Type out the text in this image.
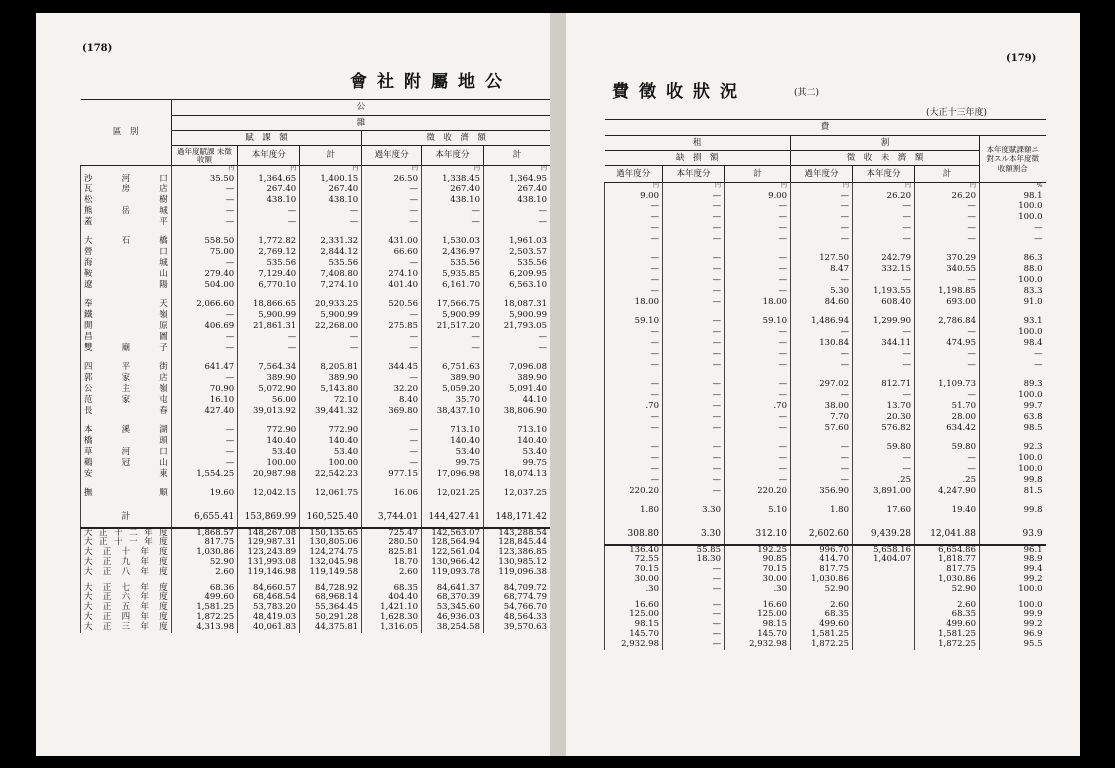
(178)
會社附屬地公
區　別	公					
	雜					
	賦　課　額			徵　收　濟　額		
	過年度賦課 未徵收額	本年度分	計	過年度分	本年度分	計
	円	円	円	円	円	円
沙河口	35.50	1,364.65	1,400.15	26.50	1,338.45	1,364.95
瓦房店	—	267.40	267.40	—	267.40	267.40
松 樹	—	438.10	438.10	—	438.10	438.10
熊岳城	—	—	—	—	—	—
蓋　平	—	—	—	—	—	—

大石橋	558.50	1,772.82	2,331.32	431.00	1,530.03	1,961.03
營　口	75.00	2,769.12	2,844.12	66.60	2,436.97	2,503.57
海　城	—	535.56	535.56	—	535.56	535.56
鞍　山	279.40	7,129.40	7,408.80	274.10	5,935.85	6,209.95
遼　陽	504.00	6,770.10	7,274.10	401.40	6,161.70	6,563.10

奉　天	2,066.60	18,866.65	20,933.25	520.56	17,566.75	18,087.31
鐵　嶺	—	5,900.99	5,900.99	—	5,900.99	5,900.99
開　原	406.69	21,861.31	22,268.00	275.85	21,517.20	21,793.05
昌　圖	—	—	—	—	—	—
雙廟子	—	—	—	—	—	—

四平街	641.47	7,564.34	8,205.81	344.45	6,751.63	7,096.08
郭家店	—	389.90	389.90	—	389.90	389.90
公主嶺	70.90	5,072.90	5,143.80	32.20	5,059.20	5,091.40
范家屯	16.10	56.00	72.10	8.40	35.70	44.10
長　春	427.40	39,013.92	39,441.32	369.80	38,437.10	38,806.90

本溪湖	—	772.90	772.90	—	713.10	713.10
橋　頭	—	140.40	140.40	—	140.40	140.40
草河口	—	53.40	53.40	—	53.40	53.40
鷄冠山	—	100.00	100.00	—	99.75	99.75
安　東	1,554.25	20,987.98	22,542.23	977.15	17,096.98	18,074.13

撫　順	19.60	12,042.15	12,061.75	16.06	12,021.25	12,037.25

計	6,655.41	153,869.99	160,525.40	3,744.01	144,427.41	148,171.42
大正十二年度	1,868.57	148,267.08	150,135.65	725.47	142,563.07	143,288.54
大正十一年度	817.75	129,987.31	130,805.06	280.50	128,564.94	128,845.44
大正十年度	1,030.86	123,243.89	124,274.75	825.81	122,561.04	123,386.85
大正九年度	52.90	131,993.08	132,045.98	18.70	130,966.42	130,985.12
大正八年度	2.60	119,146.98	119,149.58	2.60	119,093.78	119,096.38
大正七年度	68.36	84,660.57	84,728.92	68.35	84,641.37	84,709.72
大正六年度	499.60	68,468.54	68,968.14	404.40	68,370.39	68,774.79
大正五年度	1,581.25	53,783.20	55,364.45	1,421.10	53,345.60	54,766.70
大正四年度	1,872.25	48,419.03	50,291.28	1,628.30	46,936.03	48,564.33
大正三年度	4,313.98	40,061.83	44,375.81	1,316.05	38,254.58	39,570.63
(179)
費徵收狀況	(其二)
(大正十三年度)
費						
租			割			本年度賦課額ニ對スル本年度徵收額割合
缺　損　額			徵　收　未　濟　額			
過年度分	本年度分	計	過年度分	本年度分	計	
円	円	円	円	円	円	%
9.00	—	9.00	—	26.20	26.20	98.1
—	—	—	—	—	—	100.0
—	—	—	—	—	—	100.0
—	—	—	—	—	—	—
—	—	—	—	—	—	—

—	—	—	127.50	242.79	370.29	86.3
—	—	—	8.47	332.15	340.55	88.0
—	—	—	—	—	—	100.0
—	—	—	5.30	1,193.55	1,198.85	83.3
18.00	—	18.00	84.60	608.40	693.00	91.0

59.10	—	59.10	1,486.94	1,299.90	2,786.84	93.1
—	—	—	—	—	—	100.0
—	—	—	130.84	344.11	474.95	98.4
—	—	—	—	—	—	—
—	—	—	—	—	—	—

—	—	—	297.02	812.71	1,109.73	89.3
—	—	—	—	—	—	100.0
.70	—	.70	38.00	13.70	51.70	99.7
—	—	—	7.70	20.30	28.00	63.8
—	—	—	57.60	576.82	634.42	98.5

—	—	—	—	59.80	59.80	92.3
—	—	—	—	—	—	100.0
—	—	—	—	—	—	100.0
—	—	—	—	.25	.25	99.8
220.20	—	220.20	356.90	3,891.00	4,247.90	81.5

1.80	3.30	5.10	1.80	17.60	19.40	99.8

308.80	3.30	312.10	2,602.60	9,439.28	12,041.88	93.9
136.40	55.85	192.25	996.70	5,658.16	6,654.86	96.1
72.55	18.30	90.85	414.70	1,404.07	1,818.77	98.9
70.15	—	70.15	817.75		817.75	99.4
30.00	—	30.00	1,030.86		1,030.86	99.2
.30	—	.30	52.90		52.90	100.0
16.60	—	16.60	2.60		2.60	100.0
125.00	—	125.00	68.35		68.35	99.9
98.15	—	98.15	499.60		499.60	99.2
145.70	—	145.70	1,581.25		1,581.25	96.9
2,932.98	—	2,932.98	1,872.25		1,872.25	95.5
